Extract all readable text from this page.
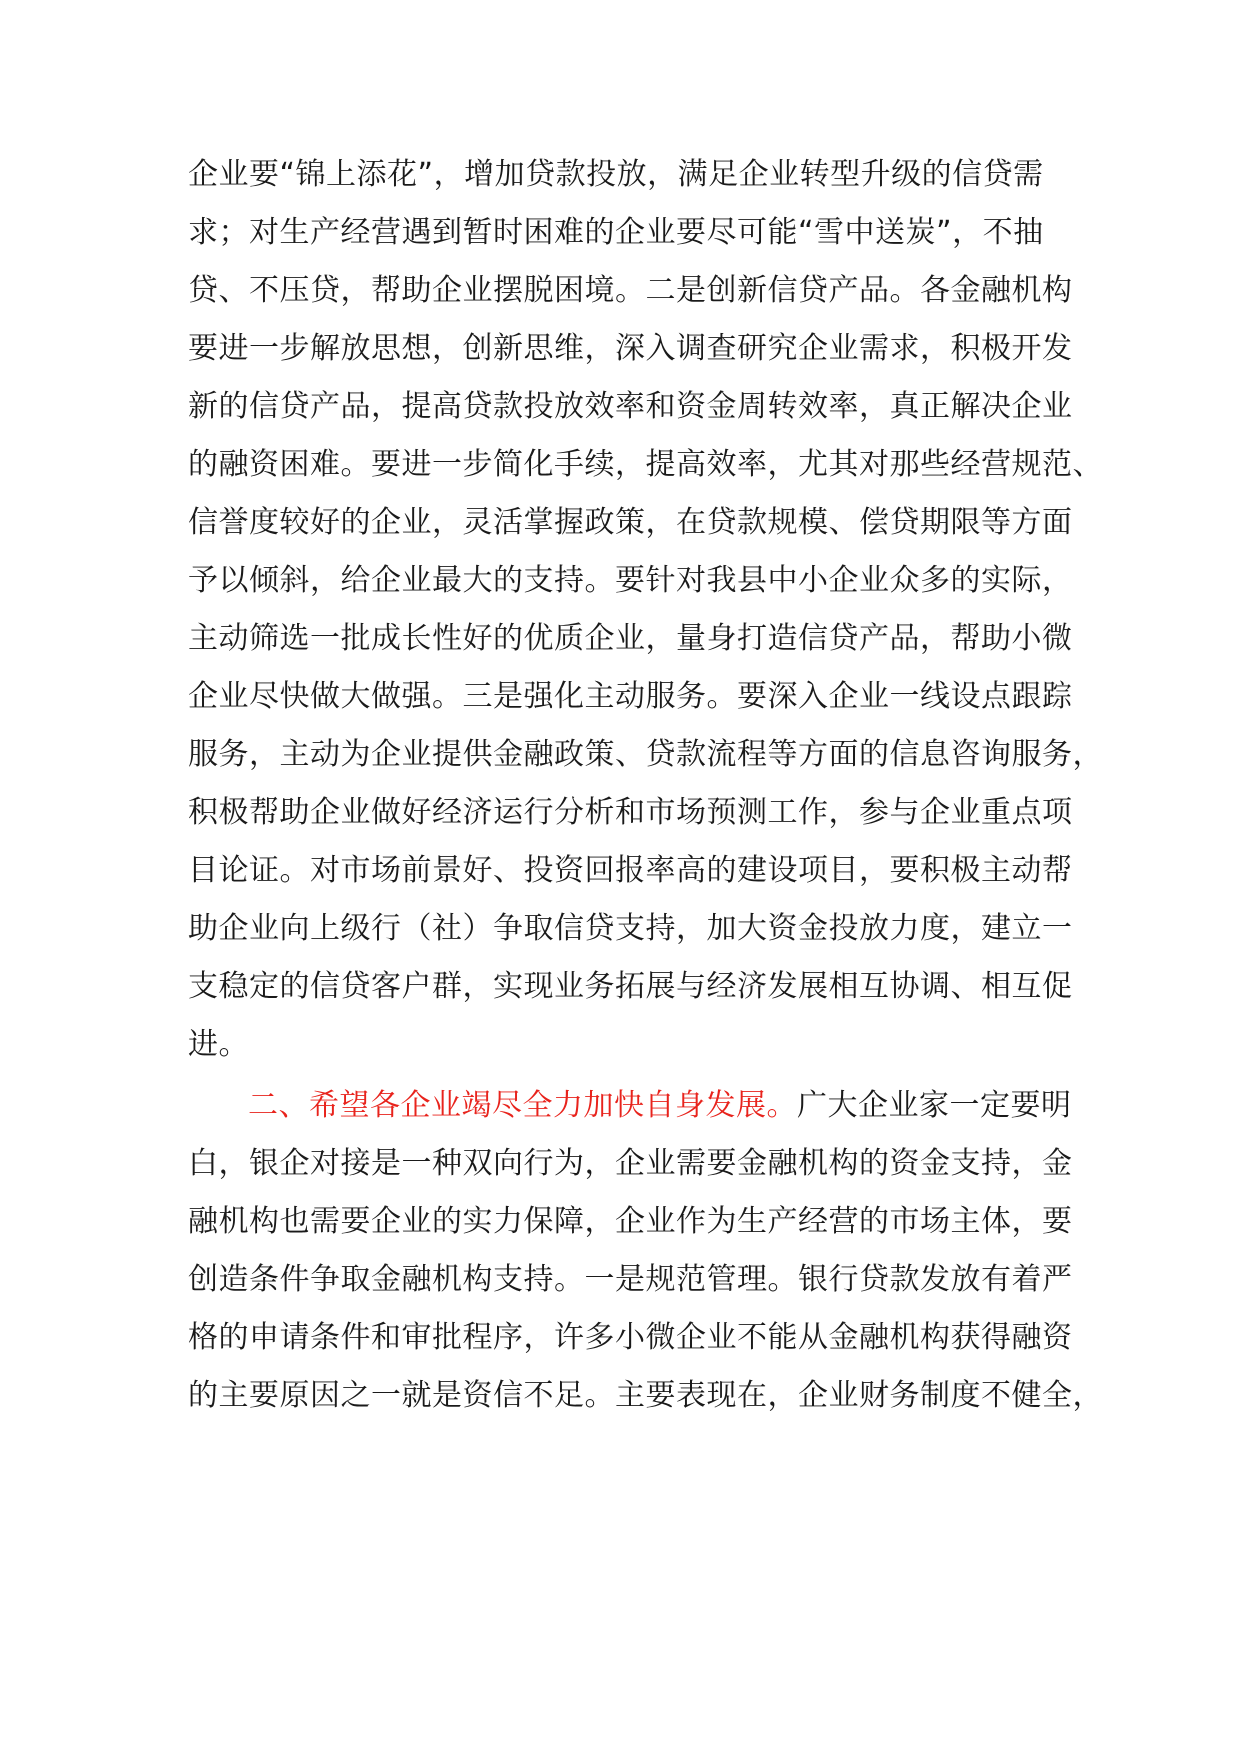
企业要“锦上添花”，增加贷款投放，满足企业转型升级的信贷需
求；对生产经营遇到暂时困难的企业要尽可能“雪中送炭”，不抽
贷、不压贷，帮助企业摆脱困境。二是创新信贷产品。各金融机构
要进一步解放思想，创新思维，深入调查研究企业需求，积极开发
新的信贷产品，提高贷款投放效率和资金周转效率，真正解决企业
的融资困难。要进一步简化手续，提高效率，尤其对那些经营规范、
信誉度较好的企业，灵活掌握政策，在贷款规模、偿贷期限等方面
予以倾斜，给企业最大的支持。要针对我县中小企业众多的实际，
主动筛选一批成长性好的优质企业，量身打造信贷产品，帮助小微
企业尽快做大做强。三是强化主动服务。要深入企业一线设点跟踪
服务，主动为企业提供金融政策、贷款流程等方面的信息咨询服务，
积极帮助企业做好经济运行分析和市场预测工作，参与企业重点项
目论证。对市场前景好、投资回报率高的建设项目，要积极主动帮
助企业向上级行（社）争取信贷支持，加大资金投放力度，建立一
支稳定的信贷客户群，实现业务拓展与经济发展相互协调、相互促
进。
二、希望各企业竭尽全力加快自身发展。广大企业家一定要明
白，银企对接是一种双向行为，企业需要金融机构的资金支持，金
融机构也需要企业的实力保障，企业作为生产经营的市场主体，要
创造条件争取金融机构支持。一是规范管理。银行贷款发放有着严
格的申请条件和审批程序，许多小微企业不能从金融机构获得融资
的主要原因之一就是资信不足。主要表现在，企业财务制度不健全，
